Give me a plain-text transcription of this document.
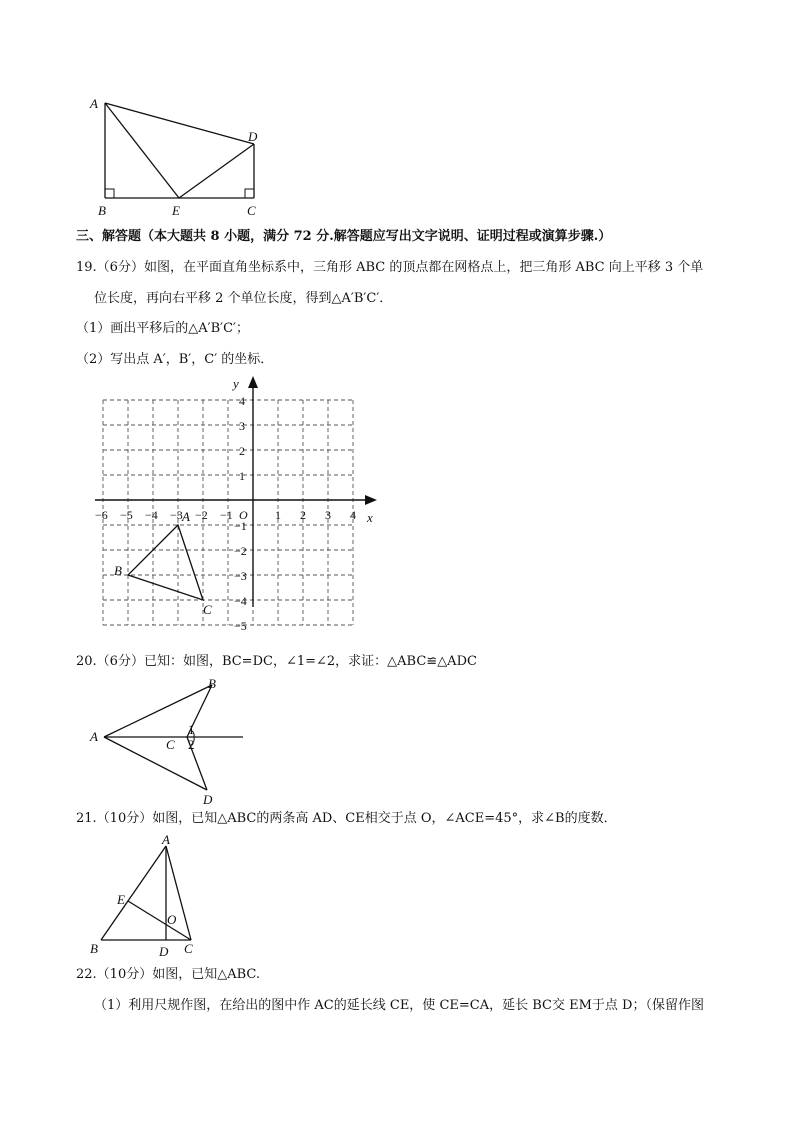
A
D
B	E	C
三、解答题（本大题共 8 小题，满分 72 分.解答题应写出文字说明、证明过程或演算步骤.）
19.（6分）如图，在平面直角坐标系中，三角形 ABC 的顶点都在网格点上，把三角形 ABC 向上平移 3 个单
位长度，再向右平移 2 个单位长度，得到△A′B′C′．
（1）画出平移后的△A′B′C′；
（2）写出点 A′，B′，C′ 的坐标．
−6 −5 −4 −3 −2 −1	1 2 3 4
4
3
2
1
−1
−2
−3
−4
−5
O	x
y
A
B
C
20.（6分）已知：如图，BC=DC，∠1=∠2，求证：△ABC≌△ADC
A
B
C
D
1
2
21.（10分）如图，已知△ABC的两条高 AD、CE相交于点 O，∠ACE=45°，求∠B的度数．
A
E
O
B	D C
22.（10分）如图，已知△ABC.
（1）利用尺规作图，在给出的图中作 AC的延长线 CE，使 CE=CA，延长 BC交 EM于点 D；（保留作图
